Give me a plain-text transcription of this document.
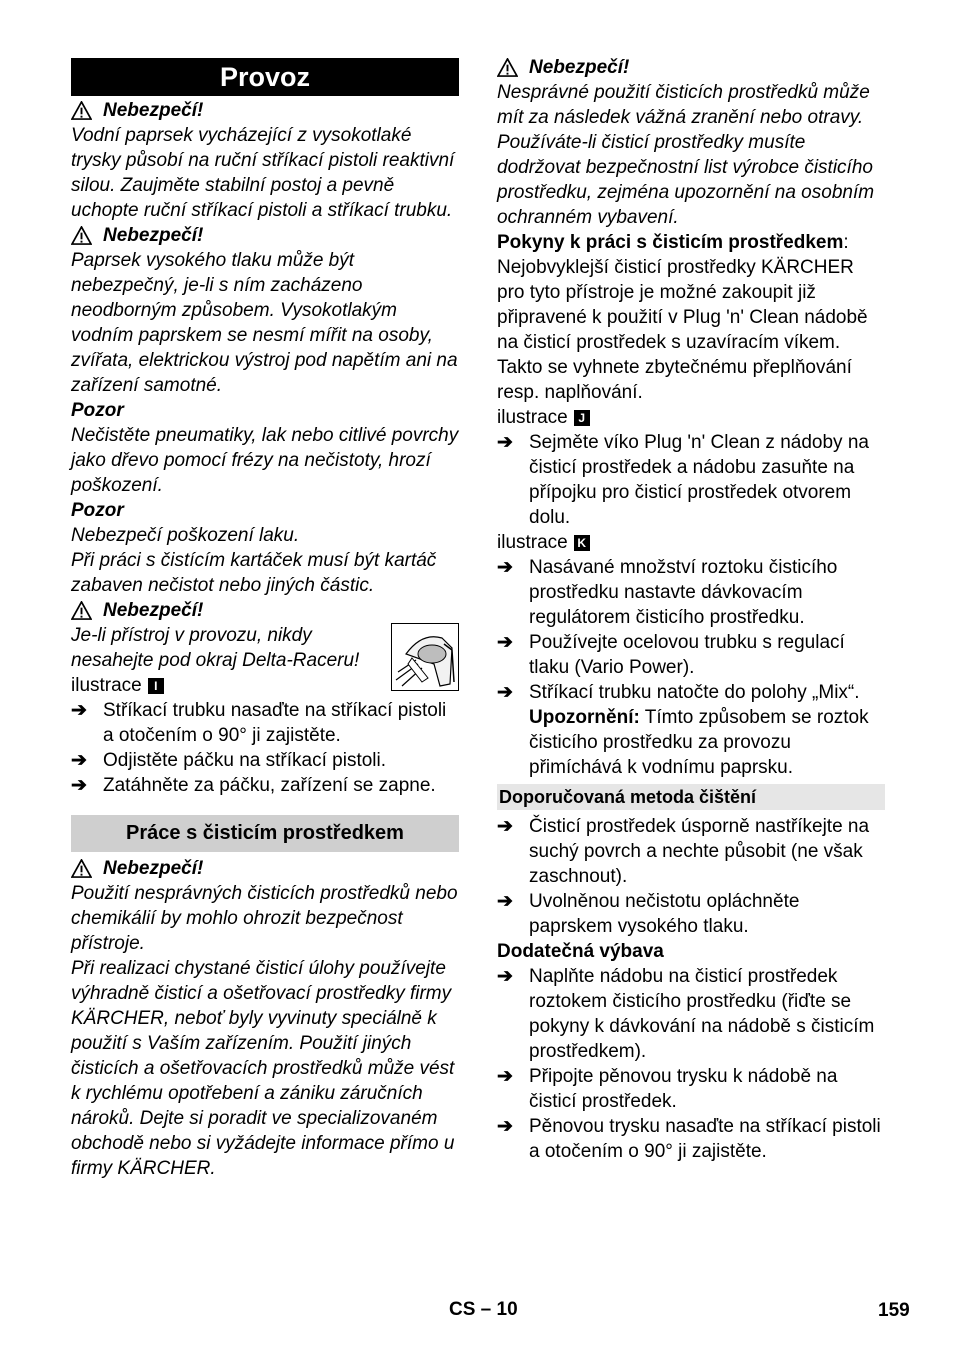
Provoz
Nebezpečí!

Vodní paprsek vycházející z vysokotlaké trysky působí na ruční stříkací pistoli reaktivní silou. Zaujměte stabilní postoj a pevně uchopte ruční stříkací pistoli a stříkací trubku.

Nebezpečí!

Paprsek vysokého tlaku může být nebezpečný, je-li s ním zacházeno neodborným způsobem. Vysokotlakým vodním paprskem se nesmí mířit na osoby, zvířata, elektrickou výstroj pod napětím ani na zařízení samotné.

Pozor

Nečistěte pneumatiky, lak nebo citlivé povrchy jako dřevo pomocí frézy na nečistoty, hrozí poškození.

Pozor

Nebezpečí poškození laku.

Při práci s čistícím kartáček musí být kartáč zabaven nečistot nebo jiných částic.

Nebezpečí!

Je-li přístroj v provozu, nikdy nesahejte pod okraj Delta-Raceru!

ilustrace	I
➔ Stříkací trubku nasaďte na stříkací pistoli a otočením o 90° ji zajistěte.
➔ Odjistěte páčku na stříkací pistoli.
➔ Zatáhněte za páčku, zařízení se zapne.
Práce s čisticím prostředkem
Nebezpečí!

Použití nesprávných čisticích prostředků nebo chemikálií by mohlo ohrozit bezpečnost přístroje.

Při realizaci chystané čisticí úlohy používejte výhradně čisticí a ošetřovací prostředky firmy KÄRCHER, neboť byly vyvinuty speciálně k použití s Vaším zařízením. Použití jiných čisticích a ošetřovacích prostředků může vést k rychlému opotřebení a zániku záručních nároků. Dejte si poradit ve specializovaném obchodě nebo si vyžádejte informace přímo u firmy KÄRCHER.

Nebezpečí!

Nesprávné použití čisticích prostředků může mít za následek vážná zranění nebo otravy.

Používáte-li čisticí prostředky musíte dodržovat bezpečnostní list výrobce čisticího prostředku, zejména upozornění na osobním ochranném vybavení.

Pokyny k práci s čisticím prostředkem:

Nejobvyklejší čisticí prostředky KÄRCHER pro tyto přístroje je možné zakoupit již připravené k použití v Plug 'n' Clean nádobě na čisticí prostředek s uzavíracím víkem. Takto se vyhnete zbytečnému přeplňování resp. naplňování.

ilustrace J
➔ Sejměte víko Plug 'n' Clean z nádoby na čisticí prostředek a nádobu zasuňte na přípojku pro čisticí prostředek otvorem dolu.
ilustrace K
➔ Nasávané množství roztoku čisticího prostředku nastavte dávkovacím regulátorem čisticího prostředku.
➔ Používejte ocelovou trubku s regulací tlaku (Vario Power).
➔ Stříkací trubku natočte do polohy „Mix“.
Upozornění: Tímto způsobem se roztok čisticího prostředku za provozu přimíchává k vodnímu paprsku.
Doporučovaná metoda čištění
➔ Čisticí prostředek úsporně nastříkejte na suchý povrch a nechte působit (ne však zaschnout).
➔ Uvolněnou nečistotu opláchněte paprskem vysokého tlaku.

Dodatečná výbava

➔ Naplňte nádobu na čisticí prostředek roztokem čisticího prostředku (řiďte se pokyny k dávkování na nádobě s čisticím prostředkem).
➔ Připojte pěnovou trysku k nádobě na čisticí prostředek.
➔ Pěnovou trysku nasaďte na stříkací pistoli a otočením o 90° ji zajistěte.
CS – 10	159
